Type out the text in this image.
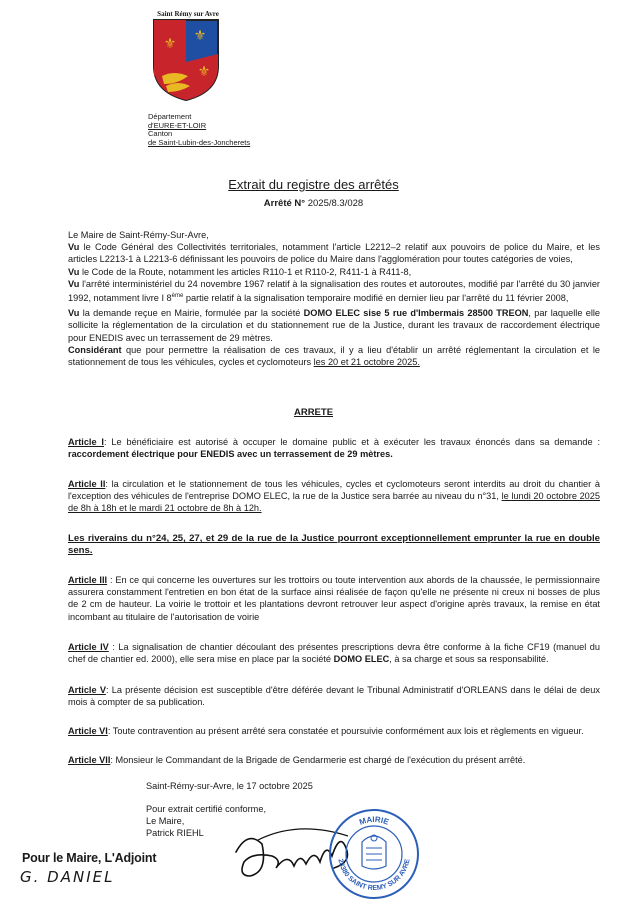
Saint Rémy sur Avre
⚜
⚜
⚜
Département
d'EURE-ET-LOIR
Canton
de Saint-Lubin-des-Joncherets
Extrait du registre des arrêtés
Arrêté N° 2025/8.3/028

Le Maire de Saint-Rémy-Sur-Avre,

Vu le Code Général des Collectivités territoriales, notamment l'article L2212–2 relatif aux pouvoirs de police du Maire, et les articles L2213-1 à L2213-6 définissant les pouvoirs de police du Maire dans l'agglomération pour toutes catégories de voies,

Vu le Code de la Route, notamment les articles R110-1 et R110-2, R411-1 à R411-8,

Vu l'arrêté interministériel du 24 novembre 1967 relatif à la signalisation des routes et autoroutes, modifié par l'arrêté du 30 janvier 1992, notamment livre I 8ème partie relatif à la signalisation temporaire modifié en dernier lieu par l'arrêté du 11 février 2008,

Vu la demande reçue en Mairie, formulée par la société DOMO ELEC sise 5 rue d'Imbermais 28500 TREON, par laquelle elle sollicite la réglementation de la circulation et du stationnement rue de la Justice, durant les travaux de raccordement électrique pour ENEDIS avec un terrassement de 29 mètres.

Considérant que pour permettre la réalisation de ces travaux, il y a lieu d'établir un arrêté réglementant la circulation et le stationnement de tous les véhicules, cycles et cyclomoteurs les 20 et 21 octobre 2025.

ARRETE
Article I: Le bénéficiaire est autorisé à occuper le domaine public et à exécuter les travaux énoncés dans sa demande : raccordement électrique pour ENEDIS avec un terrassement de 29 mètres.
Article II: la circulation et le stationnement de tous les véhicules, cycles et cyclomoteurs seront interdits au droit du chantier à l'exception des véhicules de l'entreprise DOMO ELEC, la rue de la Justice sera barrée au niveau du n°31, le lundi 20 octobre 2025 de 8h à 18h et le mardi 21 octobre de 8h à 12h.
Les riverains du n°24, 25, 27, et 29 de la rue de la Justice pourront exceptionnellement emprunter la rue en double sens.
Article III : En ce qui concerne les ouvertures sur les trottoirs ou toute intervention aux abords de la chaussée, le permissionnaire assurera constamment l'entretien en bon état de la surface ainsi réalisée de façon qu'elle ne présente ni creux ni bosses de plus de 2 cm de hauteur. La voirie le trottoir et les plantations devront retrouver leur aspect d'origine après travaux, la remise en état incombant au titulaire de l'autorisation de voirie
Article IV : La signalisation de chantier découlant des présentes prescriptions devra être conforme à la fiche CF19 (manuel du chef de chantier ed. 2000), elle sera mise en place par la société DOMO ELEC, à sa charge et sous sa responsabilité.
Article V: La présente décision est susceptible d'être déférée devant le Tribunal Administratif d'ORLEANS dans le délai de deux mois à compter de sa publication.
Article VI: Toute contravention au présent arrêté sera constatée et poursuivie conformément aux lois et règlements en vigueur.
Article VII: Monsieur le Commandant de la Brigade de Gendarmerie est chargé de l'exécution du présent arrêté.
Saint-Rémy-sur-Avre, le 17 octobre 2025
Pour extrait certifié conforme,
Le Maire,
Patrick RIEHL
MAIRIE
28380 SAINT REMY SUR AVRE
Pour le Maire, L'Adjoint
G. DANIEL
